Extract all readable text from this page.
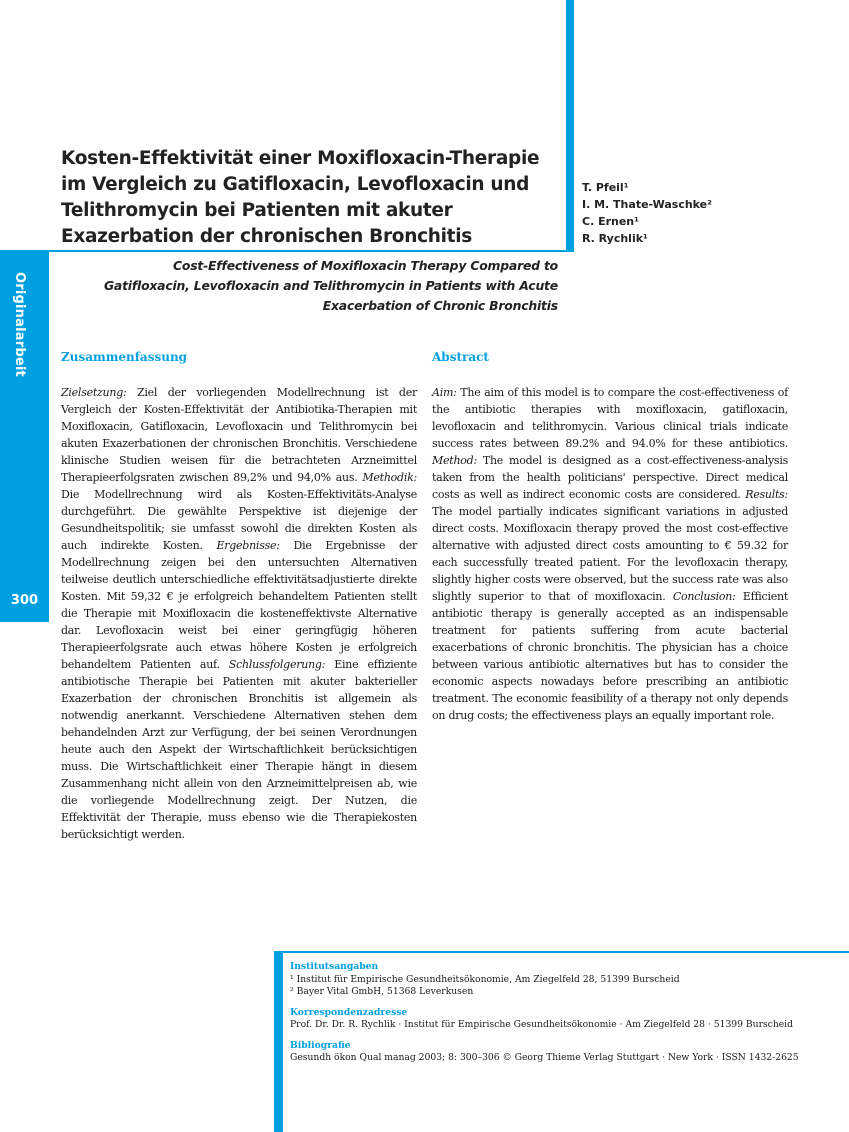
Originalarbeit
300
Kosten-Effektivität einer Moxifloxacin-Therapie im Vergleich zu Gatifloxacin, Levofloxacin und Telithromycin bei Patienten mit akuter Exazerbation der chronischen Bronchitis
T. Pfeil¹
I. M. Thate-Waschke²
C. Ernen¹
R. Rychlik¹
Cost-Effectiveness of Moxifloxacin Therapy Compared to Gatifloxacin, Levofloxacin and Telithromycin in Patients with Acute Exacerbation of Chronic Bronchitis
Zusammenfassung
Zielsetzung: Ziel der vorliegenden Modellrechnung ist der Vergleich der Kosten-Effektivität der Antibiotika-Therapien mit Moxifloxacin, Gatifloxacin, Levofloxacin und Telithromycin bei akuten Exazerbationen der chronischen Bronchitis. Verschiedene klinische Studien weisen für die betrachteten Arzneimittel Therapieerfolgsraten zwischen 89,2% und 94,0% aus. Methodik: Die Modellrechnung wird als Kosten-Effektivitäts-Analyse durchgeführt. Die gewählte Perspektive ist diejenige der Gesundheitspolitik; sie umfasst sowohl die direkten Kosten als auch indirekte Kosten. Ergebnisse: Die Ergebnisse der Modellrechnung zeigen bei den untersuchten Alternativen teilweise deutlich unterschiedliche effektivitätsadjustierte direkte Kosten. Mit 59,32 € je erfolgreich behandeltem Patienten stellt die Therapie mit Moxifloxacin die kosteneffektivste Alternative dar. Levofloxacin weist bei einer geringfügig höheren Therapieerfolgsrate auch etwas höhere Kosten je erfolgreich behandeltem Patienten auf. Schlussfolgerung: Eine effiziente antibiotische Therapie bei Patienten mit akuter bakterieller Exazerbation der chronischen Bronchitis ist allgemein als notwendig anerkannt. Verschiedene Alternativen stehen dem behandelnden Arzt zur Verfügung, der bei seinen Verordnungen heute auch den Aspekt der Wirtschaftlichkeit berücksichtigen muss. Die Wirtschaftlichkeit einer Therapie hängt in diesem Zusammenhang nicht allein von den Arzneimittelpreisen ab, wie die vorliegende Modellrechnung zeigt. Der Nutzen, die Effektivität der Therapie, muss ebenso wie die Therapiekosten berücksichtigt werden.
Abstract
Aim: The aim of this model is to compare the cost-effectiveness of the antibiotic therapies with moxifloxacin, gatifloxacin, levofloxacin and telithromycin. Various clinical trials indicate success rates between 89.2% and 94.0% for these antibiotics. Method: The model is designed as a cost-effectiveness-analysis taken from the health politicians' perspective. Direct medical costs as well as indirect economic costs are considered. Results: The model partially indicates significant variations in adjusted direct costs. Moxifloxacin therapy proved the most cost-effective alternative with adjusted direct costs amounting to € 59.32 for each successfully treated patient. For the levofloxacin therapy, slightly higher costs were observed, but the success rate was also slightly superior to that of moxifloxacin. Conclusion: Efficient antibiotic therapy is generally accepted as an indispensable treatment for patients suffering from acute bacterial exacerbations of chronic bronchitis. The physician has a choice between various antibiotic alternatives but has to consider the economic aspects nowadays before prescribing an antibiotic treatment. The economic feasibility of a therapy not only depends on drug costs; the effectiveness plays an equally important role.
Institutsangaben
¹ Institut für Empirische Gesundheitsökonomie, Am Ziegelfeld 28, 51399 Burscheid
² Bayer Vital GmbH, 51368 Leverkusen
Korrespondenzadresse
Prof. Dr. Dr. R. Rychlik · Institut für Empirische Gesundheitsökonomie · Am Ziegelfeld 28 · 51399 Burscheid
Bibliografie
Gesundh ökon Qual manag 2003; 8: 300–306 © Georg Thieme Verlag Stuttgart · New York · ISSN 1432-2625
